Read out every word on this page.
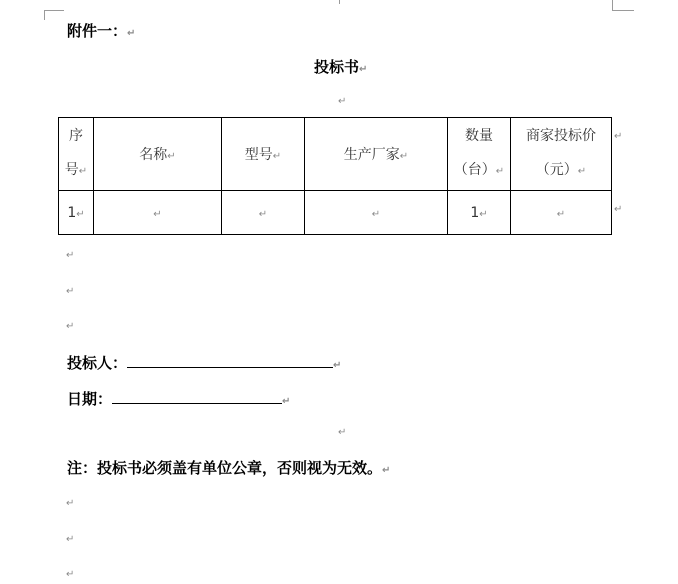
附件一：↵
投标书↵
↵
序
号↵	名称↵	型号↵	生产厂家↵	数量
（台）↵	商家投标价
（元）↵

1↵	↵	↵	↵	1↵	↵
↵
↵
↵
↵
↵
投标人：	↵
日期：	↵
↵
注：投标书必须盖有单位公章，否则视为无效。↵
↵
↵
↵
